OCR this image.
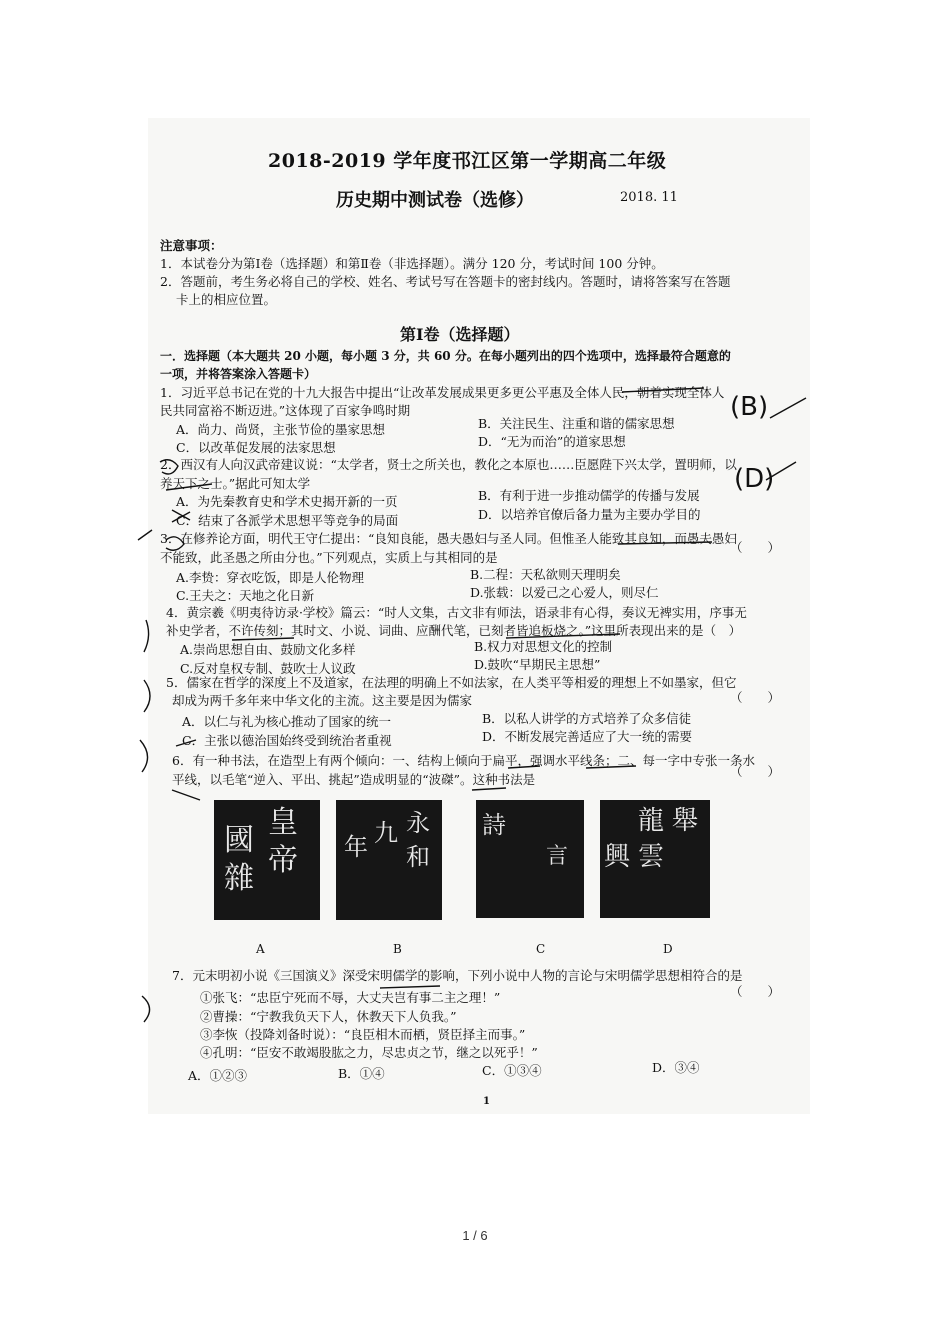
2018-2019 学年度邗江区第一学期高二年级
历史期中测试卷（选修）	2018. 11
注意事项：
1．本试卷分为第Ⅰ卷（选择题）和第Ⅱ卷（非选择题）。满分 120 分，考试时间 100 分钟。
2．答题前，考生务必将自己的学校、姓名、考试号写在答题卡的密封线内。答题时，请将答案写在答题
卡上的相应位置。
第Ⅰ卷（选择题）
一．选择题（本大题共 20 小题，每小题 3 分，共 60 分。在每小题列出的四个选项中，选择最符合题意的
一项，并将答案涂入答题卡）
1．习近平总书记在党的十九大报告中提出“让改革发展成果更多更公平惠及全体人民，朝着实现全体人
民共同富裕不断迈进。”这体现了百家争鸣时期
A．尚力、尚贤，主张节俭的墨家思想	B．关注民生、注重和谐的儒家思想
C．以改革促发展的法家思想	D．“无为而治”的道家思想
(B)
2．西汉有人向汉武帝建议说：“太学者，贤士之所关也，教化之本原也……臣愿陛下兴太学，置明师，以
养天下之士。”据此可知太学
A．为先秦教育史和学术史揭开新的一页	B．有利于进一步推动儒学的传播与发展
C．结束了各派学术思想平等竞争的局面	D．以培养官僚后备力量为主要办学目的
(D)
3．在修养论方面，明代王守仁提出：“良知良能，愚夫愚妇与圣人同。但惟圣人能致其良知，而愚夫愚妇
不能致，此圣愚之所由分也。”下列观点，实质上与其相同的是
（　　）
A.李贽：穿衣吃饭，即是人伦物理	B.二程：天私欲则天理明矣
C.王夫之：天地之化日新	D.张载：以爱己之心爱人，则尽仁
4．黄宗羲《明夷待访录·学校》篇云：“时人文集，古文非有师法，语录非有心得，奏议无裨实用，序事无
补史学者，不许传刻；其时文、小说、词曲、应酬代笔，已刻者皆追板烧之。”这里所表现出来的是（　）
A.崇尚思想自由、鼓励文化多样	B.权力对思想文化的控制
C.反对皇权专制、鼓吹士人议政	D.鼓吹“早期民主思想”
5．儒家在哲学的深度上不及道家，在法理的明确上不如法家，在人类平等相爱的理想上不如墨家，但它
却成为两千多年来中华文化的主流。这主要是因为儒家	（　　）
A．以仁与礼为核心推动了国家的统一	B．以私人讲学的方式培养了众多信徒
C．主张以德治国始终受到统治者重视	D．不断发展完善适应了大一统的需要
6．有一种书法，在造型上有两个倾向：一、结构上倾向于扁平，强调水平线条；二、每一字中专张一条水
平线，以毛笔“逆入、平出、挑起”造成明显的“波磔”。这种书法是
（　　）
皇
帝
國
雜
永
和
九
年
詩
言
龍 舉
雲
興
A	B	C	D
7．元末明初小说《三国演义》深受宋明儒学的影响，下列小说中人物的言论与宋明儒学思想相符合的是
（　　）
①张飞：“忠臣宁死而不辱，大丈夫岂有事二主之理！”
②曹操：“宁教我负天下人，休教天下人负我。”
③李恢（投降刘备时说）：“良臣相木而栖，贤臣择主而事。”
④孔明：“臣安不敢竭股肱之力，尽忠贞之节，继之以死乎！”
A．①②③	B．①④	C．①③④	D．③④
1
1 / 6
